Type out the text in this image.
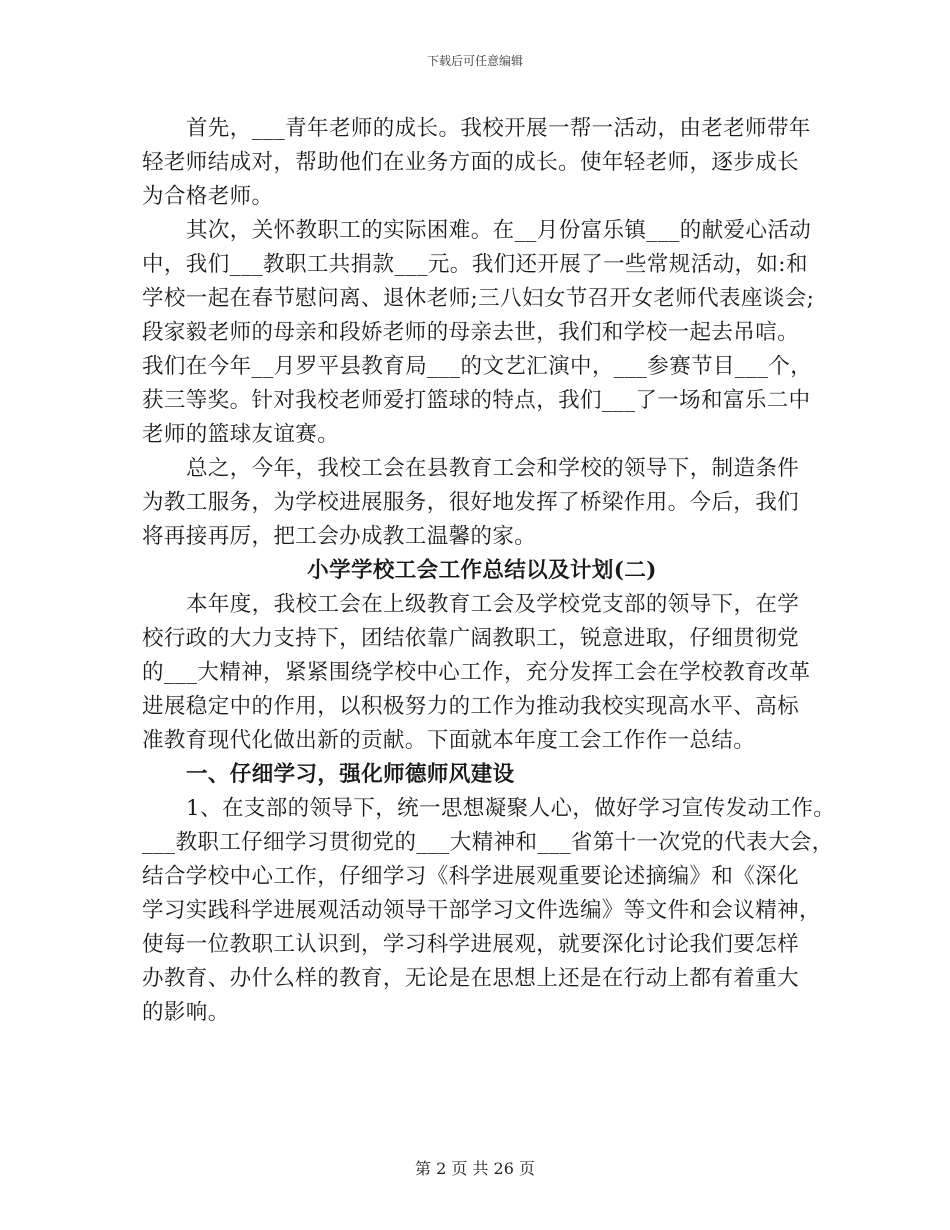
下载后可任意编辑
首先，___青年老师的成长。我校开展一帮一活动，由老老师带年
轻老师结成对，帮助他们在业务方面的成长。使年轻老师，逐步成长
为合格老师。
其次，关怀教职工的实际困难。在__月份富乐镇___的献爱心活动
中，我们___教职工共捐款___元。我们还开展了一些常规活动，如:和
学校一起在春节慰问离、退休老师;三八妇女节召开女老师代表座谈会;
段家毅老师的母亲和段娇老师的母亲去世，我们和学校一起去吊唁。
我们在今年__月罗平县教育局___的文艺汇演中，___参赛节目___个，
获三等奖。针对我校老师爱打篮球的特点，我们___了一场和富乐二中
老师的篮球友谊赛。
总之，今年，我校工会在县教育工会和学校的领导下，制造条件
为教工服务，为学校进展服务，很好地发挥了桥梁作用。今后，我们
将再接再厉，把工会办成教工温馨的家。
小学学校工会工作总结以及计划(二)
本年度，我校工会在上级教育工会及学校党支部的领导下，在学
校行政的大力支持下，团结依靠广阔教职工，锐意进取，仔细贯彻党
的___大精神，紧紧围绕学校中心工作，充分发挥工会在学校教育改革
进展稳定中的作用，以积极努力的工作为推动我校实现高水平、高标
准教育现代化做出新的贡献。下面就本年度工会工作作一总结。
一、仔细学习，强化师德师风建设
1、在支部的领导下，统一思想凝聚人心，做好学习宣传发动工作。
___教职工仔细学习贯彻党的___大精神和___省第十一次党的代表大会，
结合学校中心工作，仔细学习《科学进展观重要论述摘编》和《深化
学习实践科学进展观活动领导干部学习文件选编》等文件和会议精神，
使每一位教职工认识到，学习科学进展观，就要深化讨论我们要怎样
办教育、办什么样的教育，无论是在思想上还是在行动上都有着重大
的影响。
第 2 页 共 26 页
